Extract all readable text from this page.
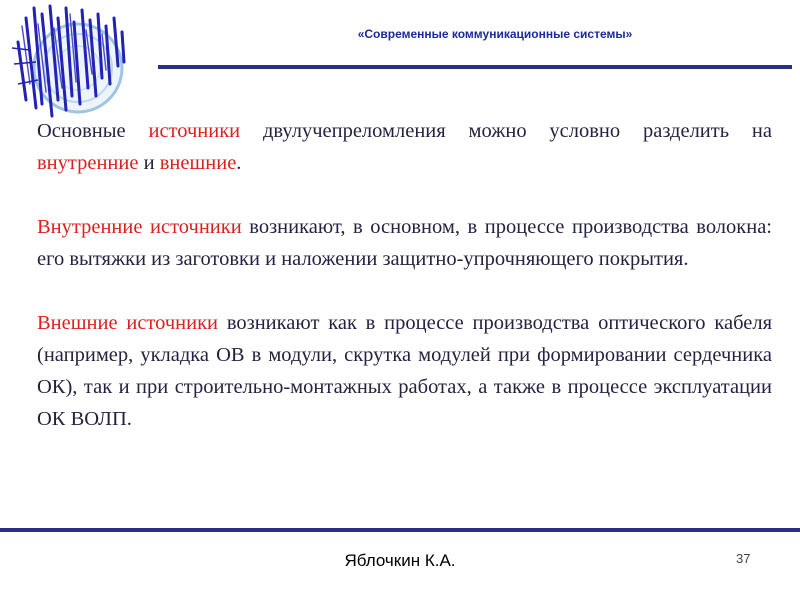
«Современные коммуникационные системы»

Основные источники двулучепреломления можно условно разделить на внутренние и внешние.

Внутренние источники возникают, в основном, в процессе производства волокна: его вытяжки из заготовки и наложении защитно-упрочняющего покрытия.

Внешние источники возникают как в процессе производства оптического кабеля (например, укладка ОВ в модули, скрутка модулей при формировании сердечника ОК), так и при строительно-монтажных работах, а также в процессе эксплуатации ОК ВОЛП.

Яблочкин К.А.	37
